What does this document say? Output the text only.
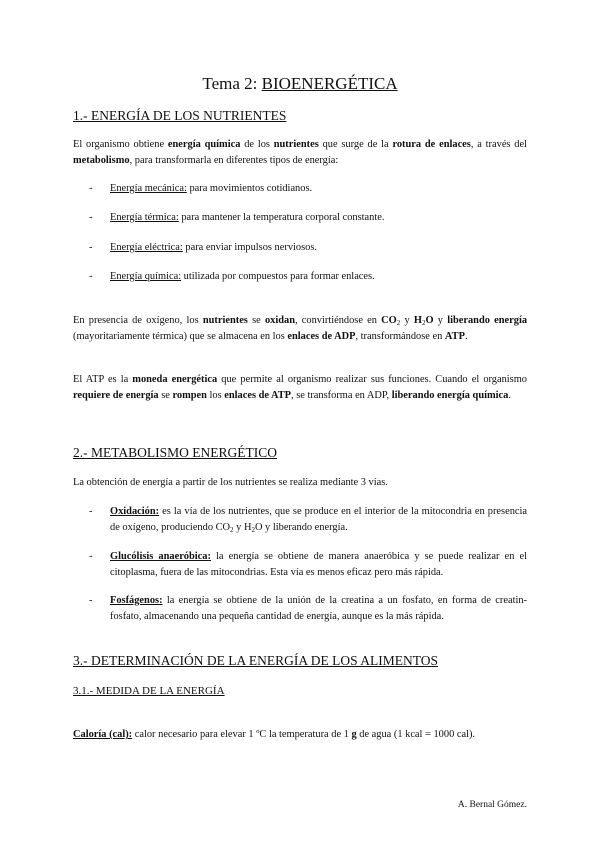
Tema 2: BIOENERGÉTICA
1.- ENERGÍA DE LOS NUTRIENTES
El organismo obtiene energía química de los nutrientes que surge de la rotura de enlaces, a través del metabolismo, para transformarla en diferentes tipos de energía:
- Energía mecánica: para movimientos cotidianos.
- Energía térmica: para mantener la temperatura corporal constante.
- Energía eléctrica: para enviar impulsos nerviosos.
- Energía química: utilizada por compuestos para formar enlaces.
En presencia de oxígeno, los nutrientes se oxidan, convirtiéndose en $CO_2$ y $H_2O$ y liberando energía (mayoritariamente térmica) que se almacena en los enlaces de ADP, transformándose en ATP.
El ATP es la moneda energética que permite al organismo realizar sus funciones. Cuando el organismo requiere de energía se rompen los enlaces de ATP, se transforma en ADP, liberando energía química.
2.- METABOLISMO ENERGÉTICO
La obtención de energía a partir de los nutrientes se realiza mediante 3 vías.
- Oxidación: es la vía de los nutrientes, que se produce en el interior de la mitocondria en presencia de oxígeno, produciendo $CO_2$ y $H_2O$ y liberando energía.
- Glucólisis anaeróbica: la energía se obtiene de manera anaeróbica y se puede realizar en el citoplasma, fuera de las mitocondrias. Esta vía es menos eficaz pero más rápida.
- Fosfágenos: la energía se obtiene de la unión de la creatina a un fosfato, en forma de creatin-fosfato, almacenando una pequeña cantidad de energía, aunque es la más rápida.
3.- DETERMINACIÓN DE LA ENERGÍA DE LOS ALIMENTOS
3.1.- MEDIDA DE LA ENERGÍA
Caloría (cal): calor necesario para elevar 1 ºC la temperatura de 1 g de agua (1 kcal = 1000 cal).
A. Bernal Gómez.
